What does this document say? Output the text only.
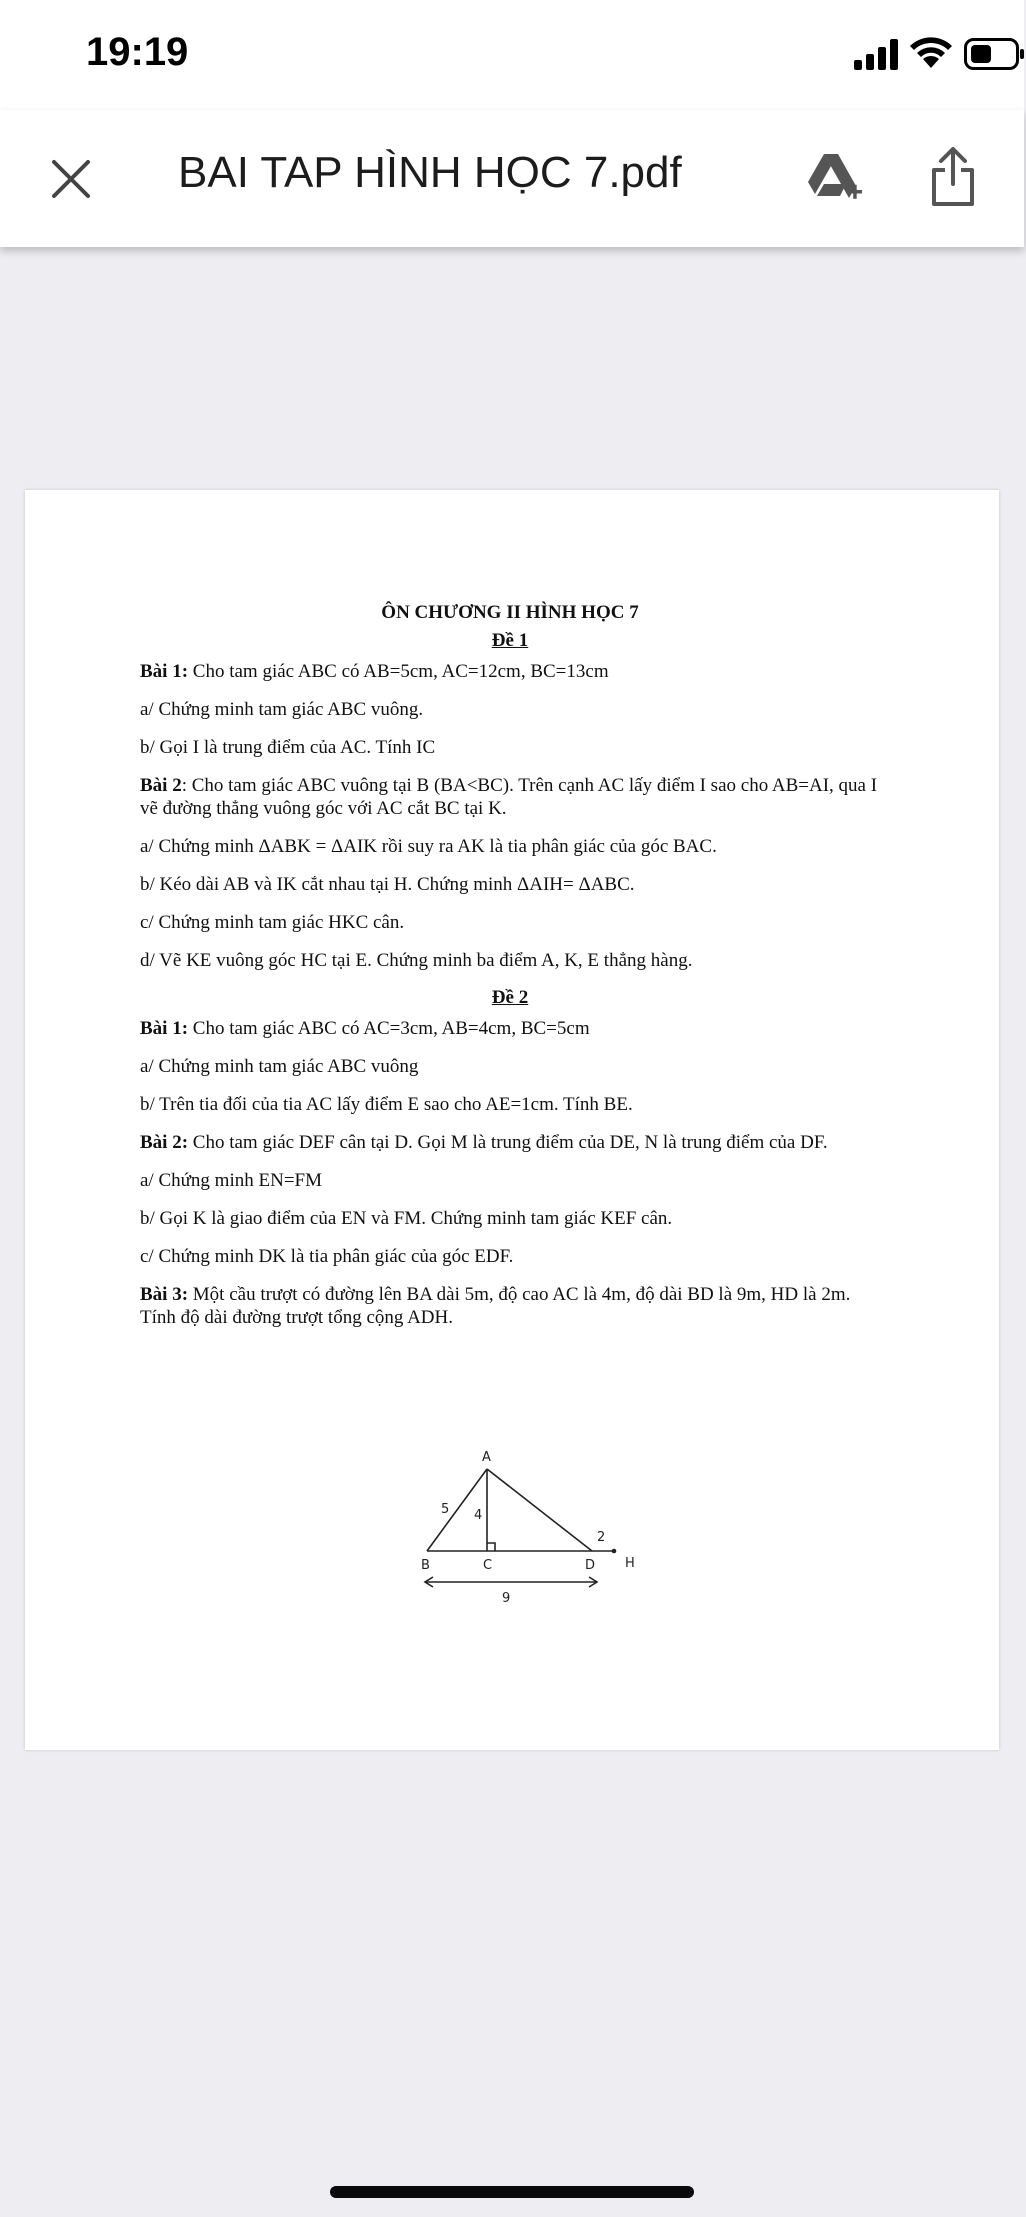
19:19
BAI TAP HÌNH HỌC 7.pdf
ÔN CHƯƠNG II HÌNH HỌC 7
Đề 1
Bài 1: Cho tam giác ABC có AB=5cm, AC=12cm, BC=13cm
a/ Chứng minh tam giác ABC vuông.
b/ Gọi I là trung điểm của AC. Tính IC
Bài 2: Cho tam giác ABC vuông tại B (BA<BC). Trên cạnh AC lấy điểm I sao cho AB=AI, qua I vẽ đường thẳng vuông góc với AC cắt BC tại K.
a/ Chứng minh ΔABK = ΔAIK rồi suy ra AK là tia phân giác của góc BAC.
b/ Kéo dài AB và IK cắt nhau tại H. Chứng minh ΔAIH= ΔABC.
c/ Chứng minh tam giác HKC cân.
d/ Vẽ KE vuông góc HC tại E. Chứng minh ba điểm A, K, E thẳng hàng.
Đề 2
Bài 1: Cho tam giác ABC có AC=3cm, AB=4cm, BC=5cm
a/ Chứng minh tam giác ABC vuông
b/ Trên tia đối của tia AC lấy điểm E sao cho AE=1cm. Tính BE.
Bài 2: Cho tam giác DEF cân tại D. Gọi M là trung điểm của DE, N là trung điểm của DF.
a/ Chứng minh EN=FM
b/ Gọi K là giao điểm của EN và FM. Chứng minh tam giác KEF cân.
c/ Chứng minh DK là tia phân giác của góc EDF.
Bài 3: Một cầu trượt có đường lên BA dài 5m, độ cao AC là 4m, độ dài BD là 9m, HD là 2m. Tính độ dài đường trượt tổng cộng ADH.
A
B	C	D H
5 4
2
9
